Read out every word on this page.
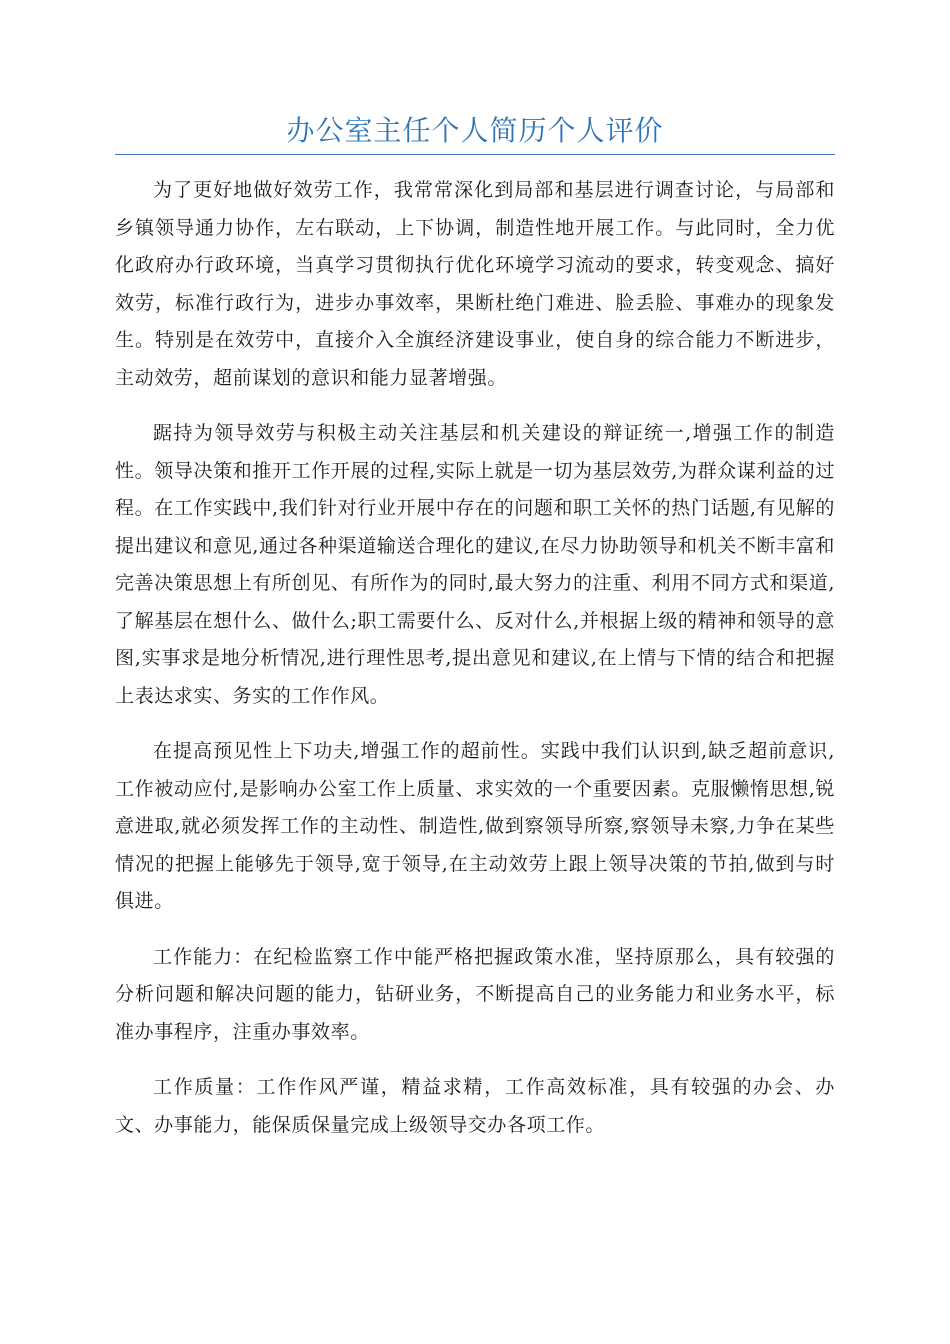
办公室主任个人简历个人评价

为了更好地做好效劳工作，我常常深化到局部和基层进行调查讨论，与局部和乡镇领导通力协作，左右联动，上下协调，制造性地开展工作。与此同时，全力优化政府办行政环境，当真学习贯彻执行优化环境学习流动的要求，转变观念、搞好效劳，标准行政行为，进步办事效率，果断杜绝门难进、脸丢脸、事难办的现象发生。特别是在效劳中，直接介入全旗经济建设事业，使自身的综合能力不断进步，主动效劳，超前谋划的意识和能力显著增强。

踞持为领导效劳与积极主动关注基层和机关建设的辩证统一,增强工作的制造性。领导决策和推开工作开展的过程,实际上就是一切为基层效劳,为群众谋利益的过程。在工作实践中,我们针对行业开展中存在的问题和职工关怀的热门话题,有见解的提出建议和意见,通过各种渠道输送合理化的建议,在尽力协助领导和机关不断丰富和完善决策思想上有所创见、有所作为的同时,最大努力的注重、利用不同方式和渠道,了解基层在想什么、做什么;职工需要什么、反对什么,并根据上级的精神和领导的意图,实事求是地分析情况,进行理性思考,提出意见和建议,在上情与下情的结合和把握上表达求实、务实的工作作风。

在提高预见性上下功夫,增强工作的超前性。实践中我们认识到,缺乏超前意识,工作被动应付,是影响办公室工作上质量、求实效的一个重要因素。克服懒惰思想,锐意进取,就必须发挥工作的主动性、制造性,做到察领导所察,察领导未察,力争在某些情况的把握上能够先于领导,宽于领导,在主动效劳上跟上领导决策的节拍,做到与时俱进。

工作能力：在纪检监察工作中能严格把握政策水准，坚持原那么，具有较强的分析问题和解决问题的能力，钻研业务，不断提高自己的业务能力和业务水平，标准办事程序，注重办事效率。

工作质量：工作作风严谨，精益求精，工作高效标准，具有较强的办会、办文、办事能力，能保质保量完成上级领导交办各项工作。
